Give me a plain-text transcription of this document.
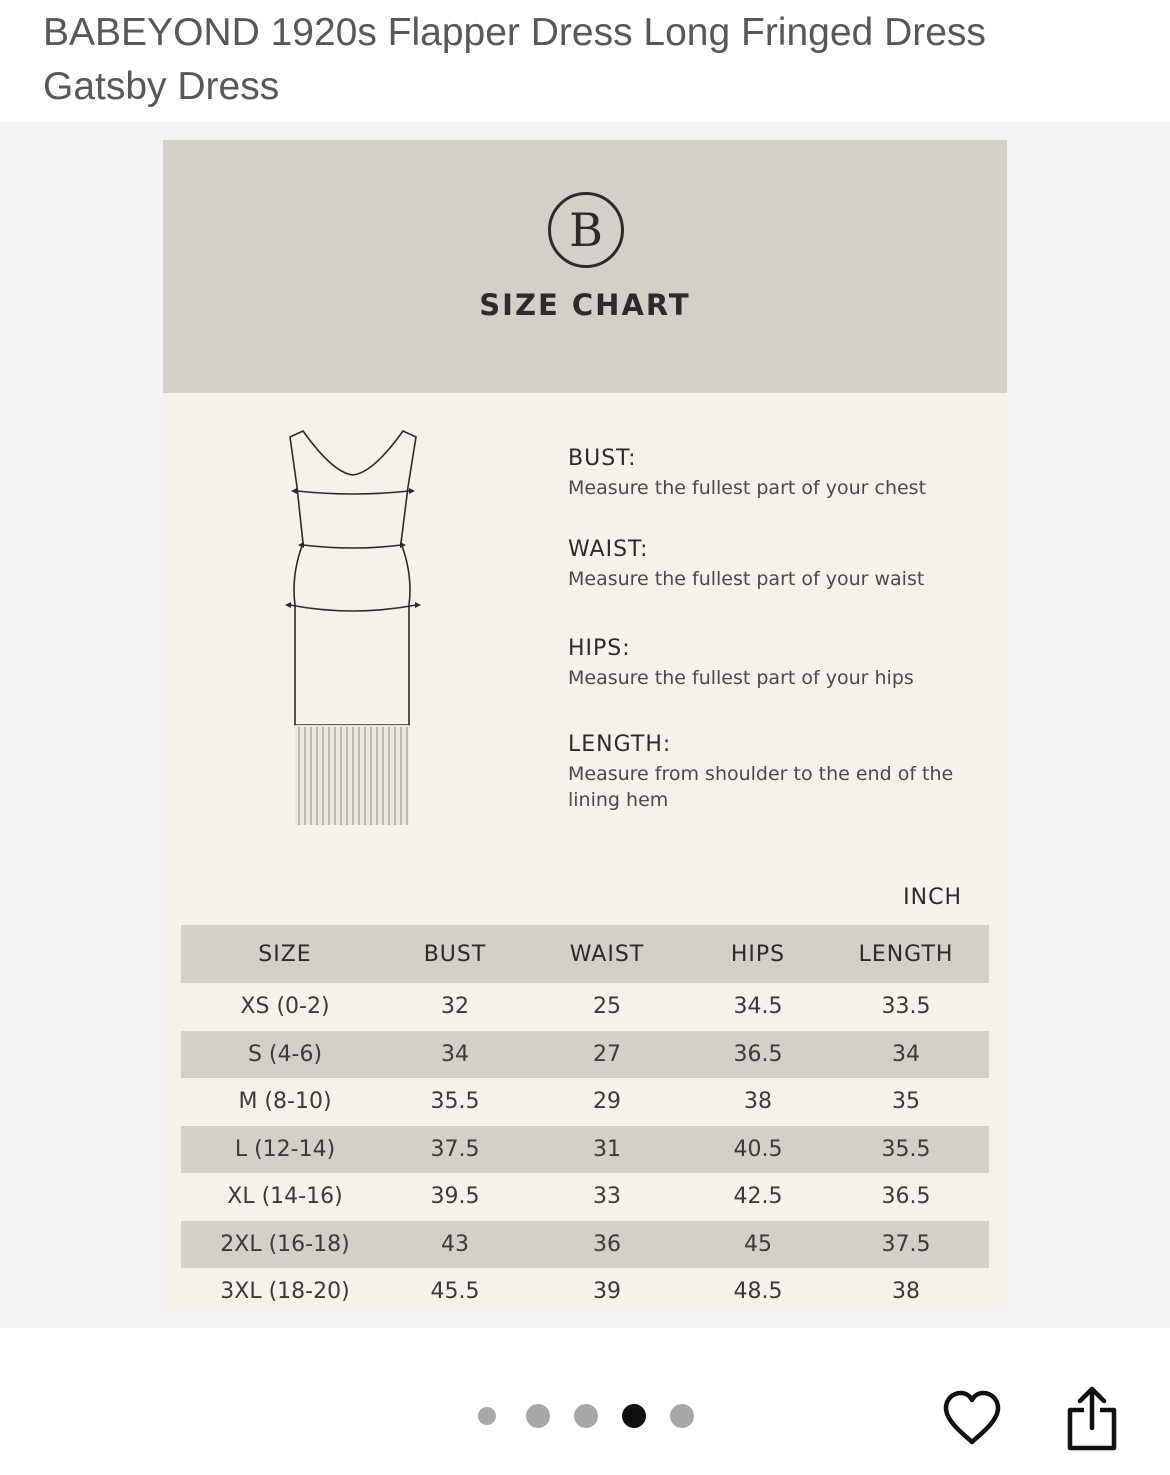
BABEYOND 1920s Flapper Dress Long Fringed Dress Gatsby Dress
B
SIZE CHART
BUST:
Measure the fullest part of your chest
WAIST:
Measure the fullest part of your waist
HIPS:
Measure the fullest part of your hips
LENGTH:
Measure from shoulder to the end of the lining hem
INCH
SIZE	BUST	WAIST	HIPS	LENGTH
XS (0-2)	32	25	34.5	33.5
S (4-6)	34	27	36.5	34
M (8-10)	35.5	29	38	35
L (12-14)	37.5	31	40.5	35.5
XL (14-16)	39.5	33	42.5	36.5
2XL (16-18)	43	36	45	37.5
3XL (18-20)	45.5	39	48.5	38
